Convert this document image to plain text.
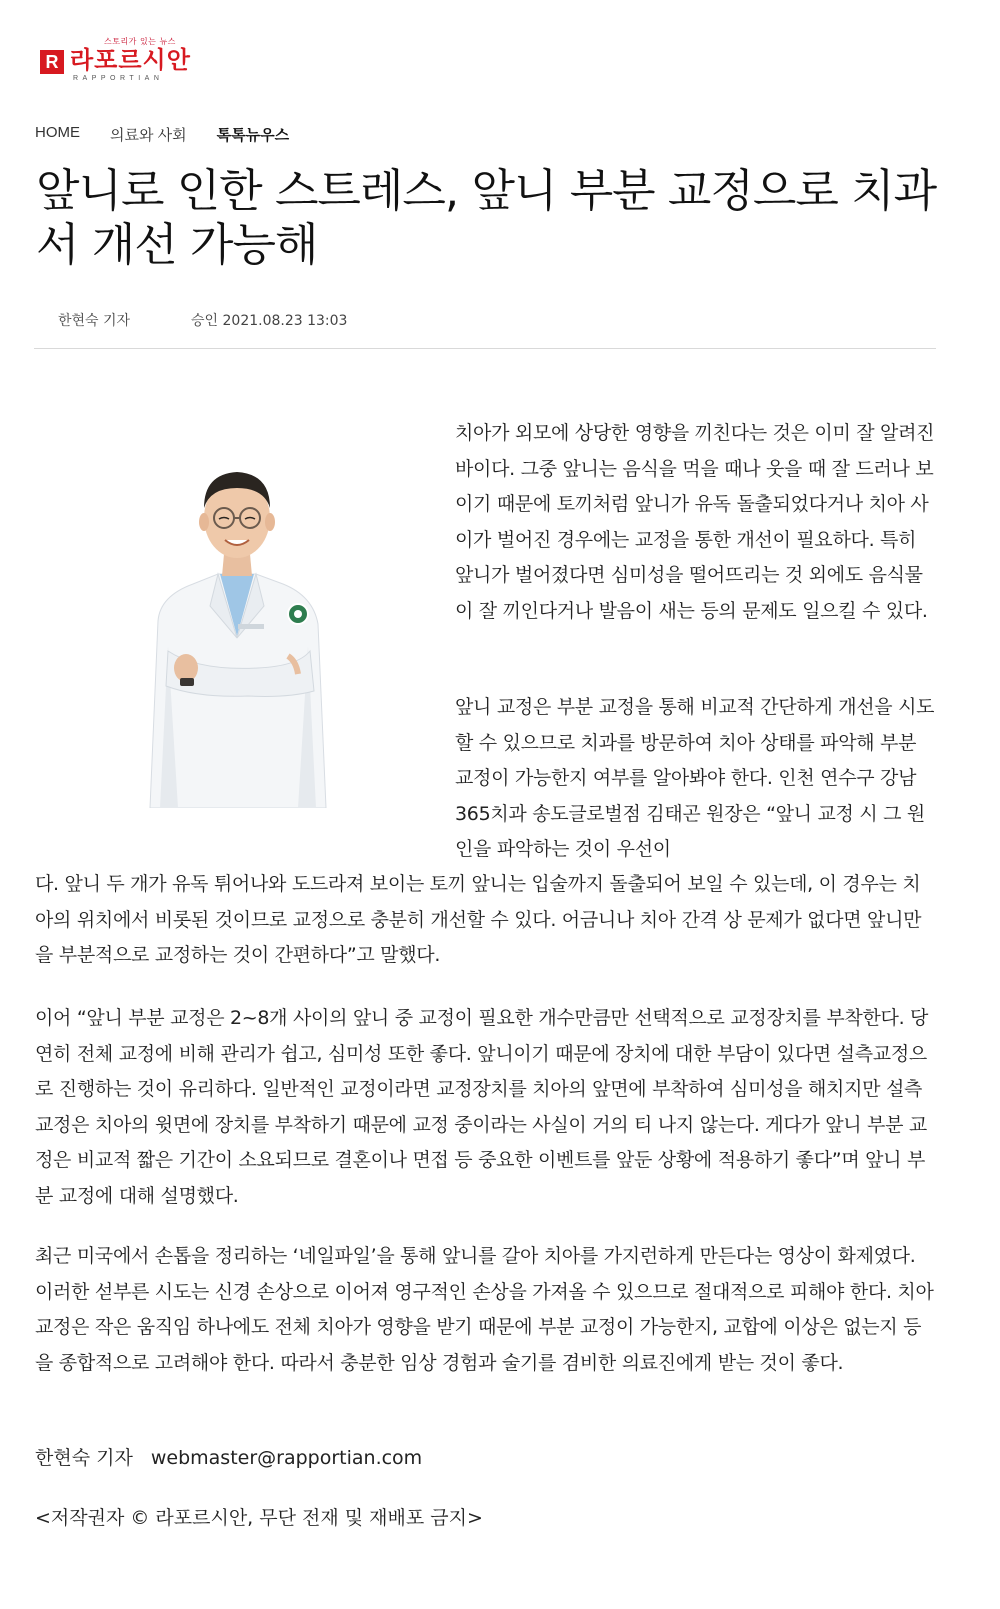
스토리가 있는 뉴스
R 라포르시안
RAPPORTIAN
HOME 의료와 사회 톡톡뉴우스
앞니로 인한 스트레스, 앞니 부분 교정으로 치과서 개선 가능해
한현숙 기자	승인 2021.08.23 13:03

치아가 외모에 상당한 영향을 끼친다는 것은 이미 잘 알려진 바이다. 그중 앞니는 음식을 먹을 때나 웃을 때 잘 드러나 보이기 때문에 토끼처럼 앞니가 유독 돌출되었다거나 치아 사이가 벌어진 경우에는 교정을 통한 개선이 필요하다. 특히 앞니가 벌어졌다면 심미성을 떨어뜨리는 것 외에도 음식물이 잘 끼인다거나 발음이 새는 등의 문제도 일으킬 수 있다.

앞니 교정은 부분 교정을 통해 비교적 간단하게 개선을 시도할 수 있으므로 치과를 방문하여 치아 상태를 파악해 부분 교정이 가능한지 여부를 알아봐야 한다. 인천 연수구 강남365치과 송도글로벌점 김태곤 원장은 “앞니 교정 시 그 원인을 파악하는 것이 우선이

다. 앞니 두 개가 유독 튀어나와 도드라져 보이는 토끼 앞니는 입술까지 돌출되어 보일 수 있는데, 이 경우는 치아의 위치에서 비롯된 것이므로 교정으로 충분히 개선할 수 있다. 어금니나 치아 간격 상 문제가 없다면 앞니만을 부분적으로 교정하는 것이 간편하다”고 말했다.

이어 “앞니 부분 교정은 2~8개 사이의 앞니 중 교정이 필요한 개수만큼만 선택적으로 교정장치를 부착한다. 당연히 전체 교정에 비해 관리가 쉽고, 심미성 또한 좋다. 앞니이기 때문에 장치에 대한 부담이 있다면 설측교정으로 진행하는 것이 유리하다. 일반적인 교정이라면 교정장치를 치아의 앞면에 부착하여 심미성을 해치지만 설측교정은 치아의 윗면에 장치를 부착하기 때문에 교정 중이라는 사실이 거의 티 나지 않는다. 게다가 앞니 부분 교정은 비교적 짧은 기간이 소요되므로 결혼이나 면접 등 중요한 이벤트를 앞둔 상황에 적용하기 좋다”며 앞니 부분 교정에 대해 설명했다.

최근 미국에서 손톱을 정리하는 ‘네일파일’을 통해 앞니를 갈아 치아를 가지런하게 만든다는 영상이 화제였다. 이러한 섣부른 시도는 신경 손상으로 이어져 영구적인 손상을 가져올 수 있으므로 절대적으로 피해야 한다. 치아교정은 작은 움직임 하나에도 전체 치아가 영향을 받기 때문에 부분 교정이 가능한지, 교합에 이상은 없는지 등을 종합적으로 고려해야 한다. 따라서 충분한 임상 경험과 술기를 겸비한 의료진에게 받는 것이 좋다.

한현숙 기자 webmaster@rapportian.com
<저작권자 © 라포르시안, 무단 전재 및 재배포 금지>
